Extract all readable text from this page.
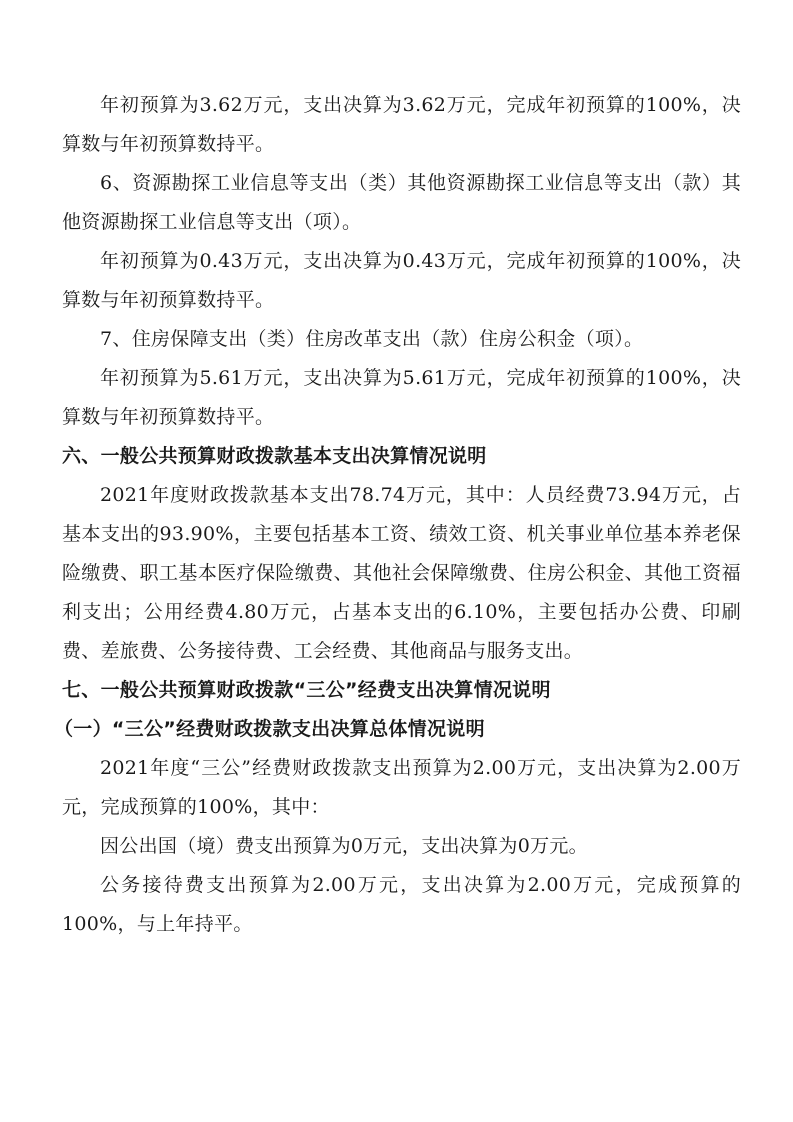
年初预算为3.62万元，支出决算为3.62万元，完成年初预算的100%，决算数与年初预算数持平。

6、资源勘探工业信息等支出（类）其他资源勘探工业信息等支出（款）其他资源勘探工业信息等支出（项）。

年初预算为0.43万元，支出决算为0.43万元，完成年初预算的100%，决算数与年初预算数持平。

7、住房保障支出（类）住房改革支出（款）住房公积金（项）。

年初预算为5.61万元，支出决算为5.61万元，完成年初预算的100%，决算数与年初预算数持平。

六、一般公共预算财政拨款基本支出决算情况说明

2021年度财政拨款基本支出78.74万元，其中：人员经费73.94万元，占基本支出的93.90%，主要包括基本工资、绩效工资、机关事业单位基本养老保险缴费、职工基本医疗保险缴费、其他社会保障缴费、住房公积金、其他工资福利支出；公用经费4.80万元，占基本支出的6.10%，主要包括办公费、印刷费、差旅费、公务接待费、工会经费、其他商品与服务支出。

七、一般公共预算财政拨款“三公”经费支出决算情况说明

（一）“三公”经费财政拨款支出决算总体情况说明

2021年度“三公”经费财政拨款支出预算为2.00万元，支出决算为2.00万元，完成预算的100%，其中：

因公出国（境）费支出预算为0万元，支出决算为0万元。

公务接待费支出预算为2.00万元，支出决算为2.00万元，完成预算的100%，与上年持平。
